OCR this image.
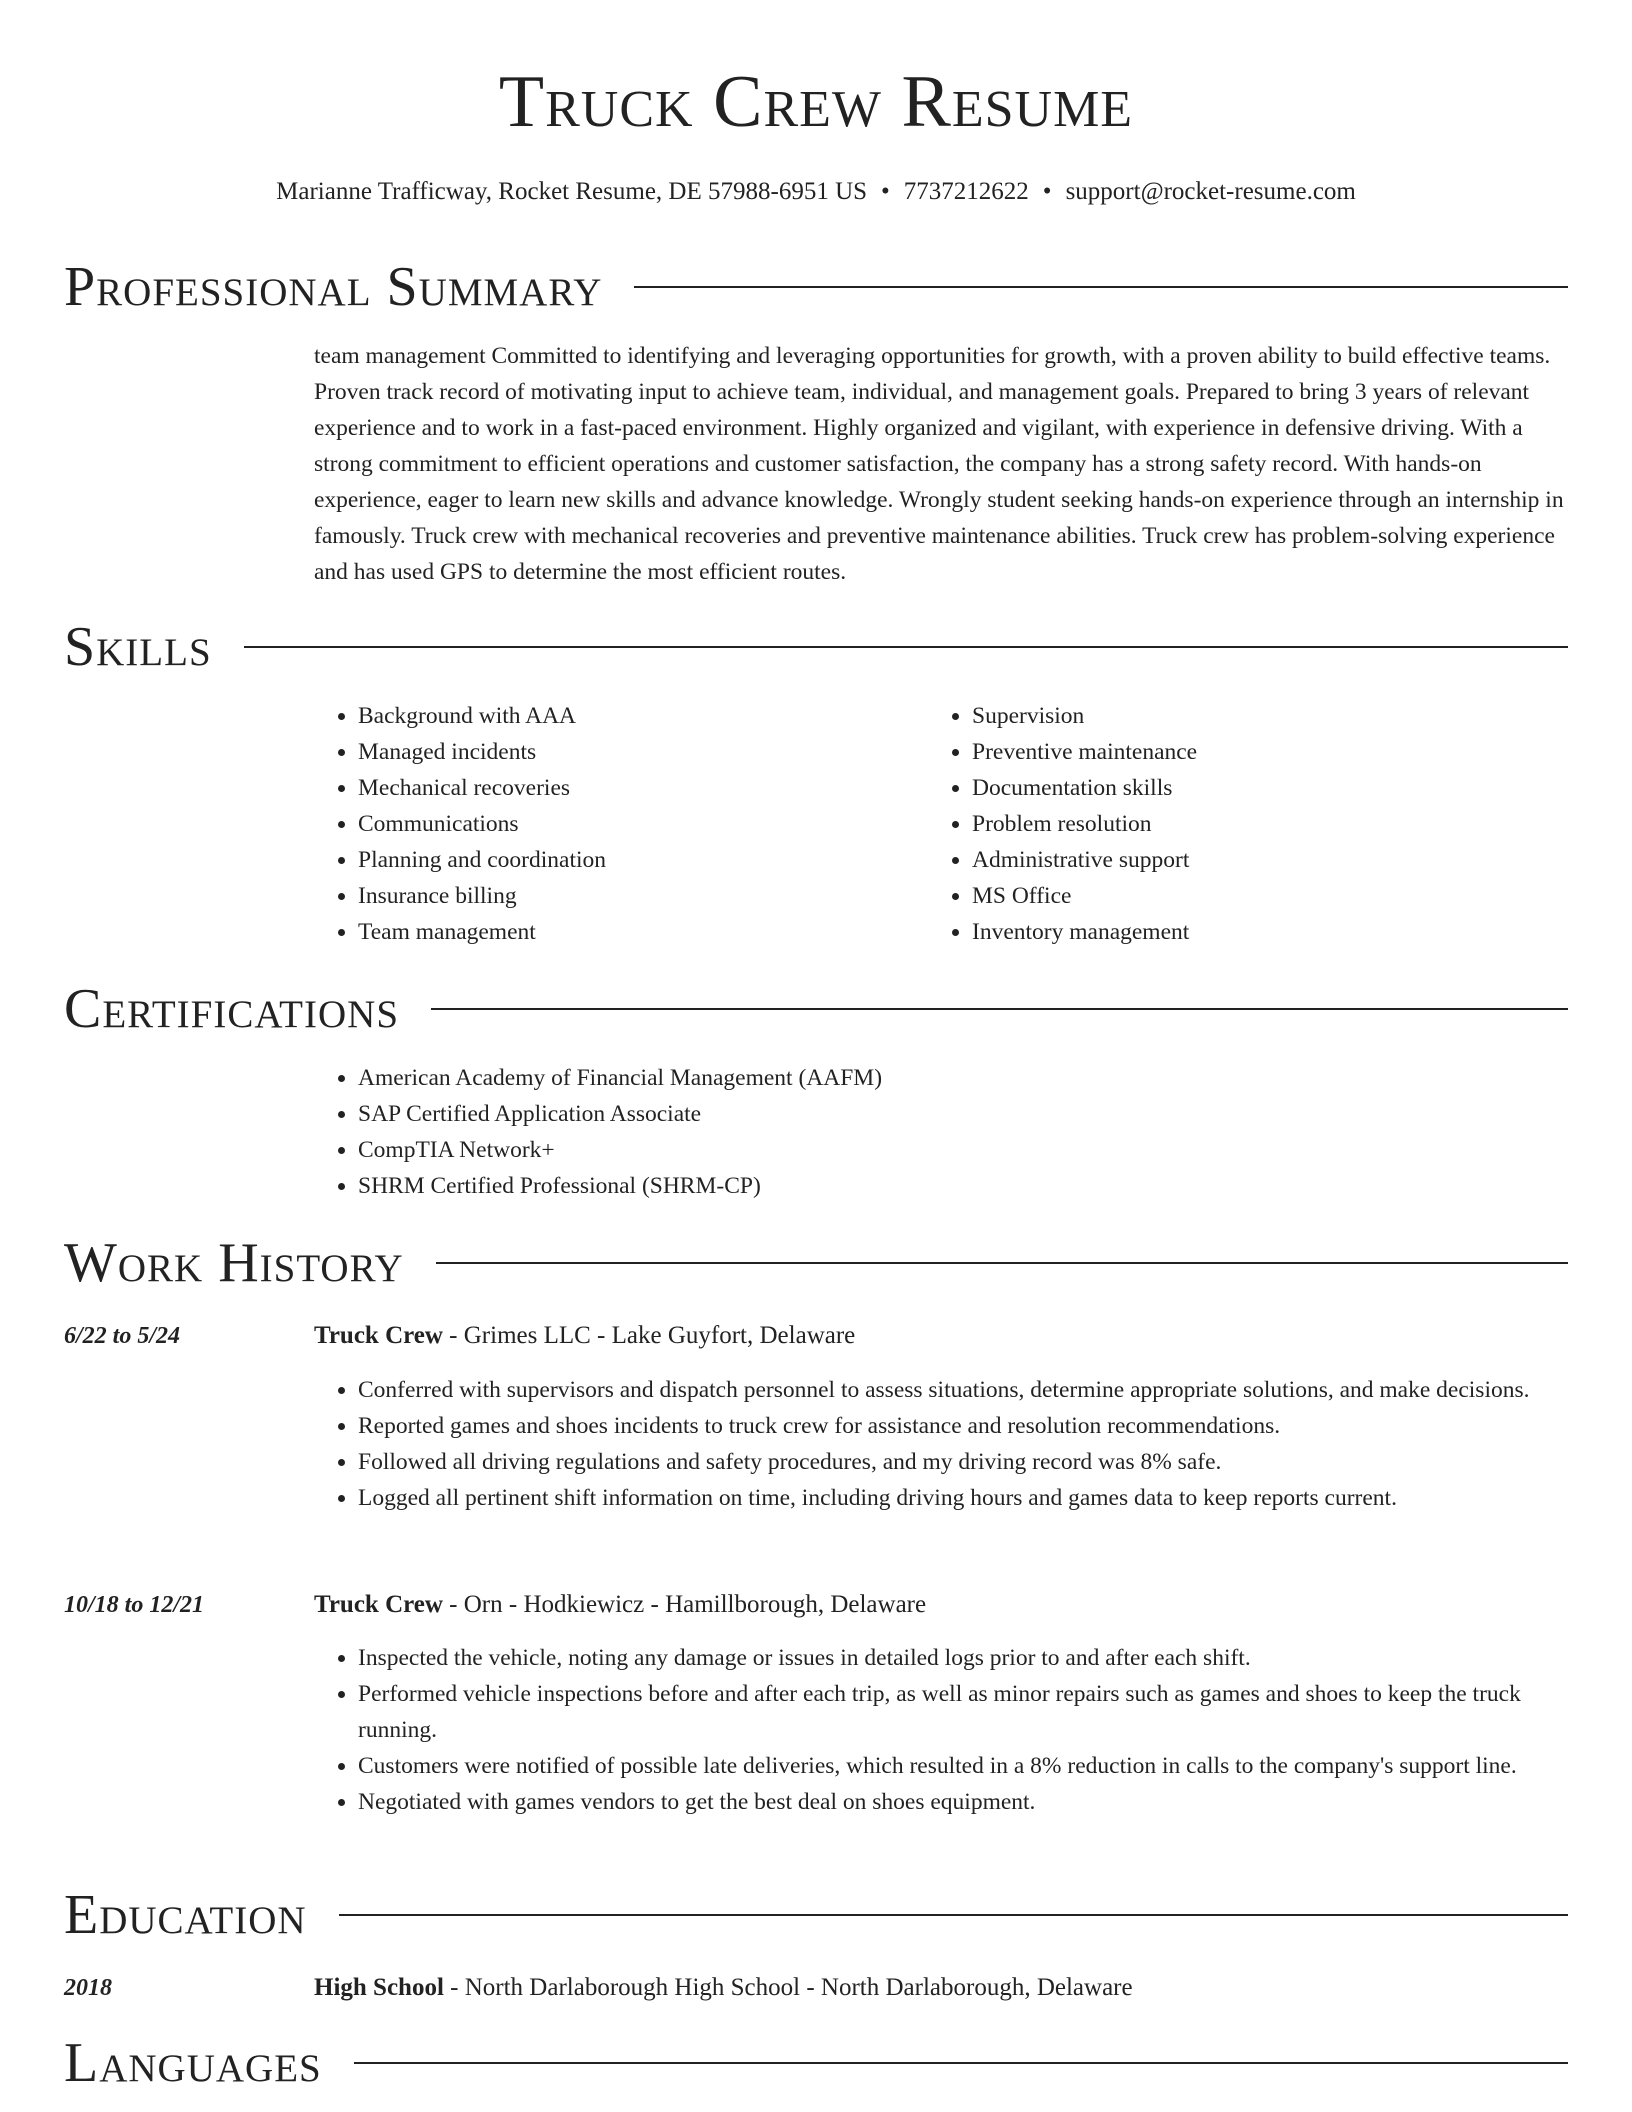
Truck Crew Resume
Marianne Trafficway, Rocket Resume, DE 57988-6951 US • 7737212622 • support@rocket-resume.com
Professional Summary

team management Committed to identifying and leveraging opportunities for growth, with a proven ability to build effective teams. Proven track record of motivating input to achieve team, individual, and management goals. Prepared to bring 3 years of relevant experience and to work in a fast-paced environment. Highly organized and vigilant, with experience in defensive driving. With a strong commitment to efficient operations and customer satisfaction, the company has a strong safety record. With hands-on experience, eager to learn new skills and advance knowledge. Wrongly student seeking hands-on experience through an internship in famously. Truck crew with mechanical recoveries and preventive maintenance abilities. Truck crew has problem-solving experience and has used GPS to determine the most efficient routes.

Skills
• Background with AAA
• Managed incidents
• Mechanical recoveries
• Communications
• Planning and coordination
• Insurance billing
• Team management
• Supervision
• Preventive maintenance
• Documentation skills
• Problem resolution
• Administrative support
• MS Office
• Inventory management
Certifications
• American Academy of Financial Management (AAFM)
• SAP Certified Application Associate
• CompTIA Network+
• SHRM Certified Professional (SHRM-CP)
Work History
6/22 to 5/24	Truck Crew - Grimes LLC - Lake Guyfort, Delaware
• Conferred with supervisors and dispatch personnel to assess situations, determine appropriate solutions, and make decisions.
• Reported games and shoes incidents to truck crew for assistance and resolution recommendations.
• Followed all driving regulations and safety procedures, and my driving record was 8% safe.
• Logged all pertinent shift information on time, including driving hours and games data to keep reports current.
10/18 to 12/21	Truck Crew - Orn - Hodkiewicz - Hamillborough, Delaware
• Inspected the vehicle, noting any damage or issues in detailed logs prior to and after each shift.
• Performed vehicle inspections before and after each trip, as well as minor repairs such as games and shoes to keep the truck running.
• Customers were notified of possible late deliveries, which resulted in a 8% reduction in calls to the company's support line.
• Negotiated with games vendors to get the best deal on shoes equipment.
Education
2018	High School - North Darlaborough High School - North Darlaborough, Delaware
Languages
